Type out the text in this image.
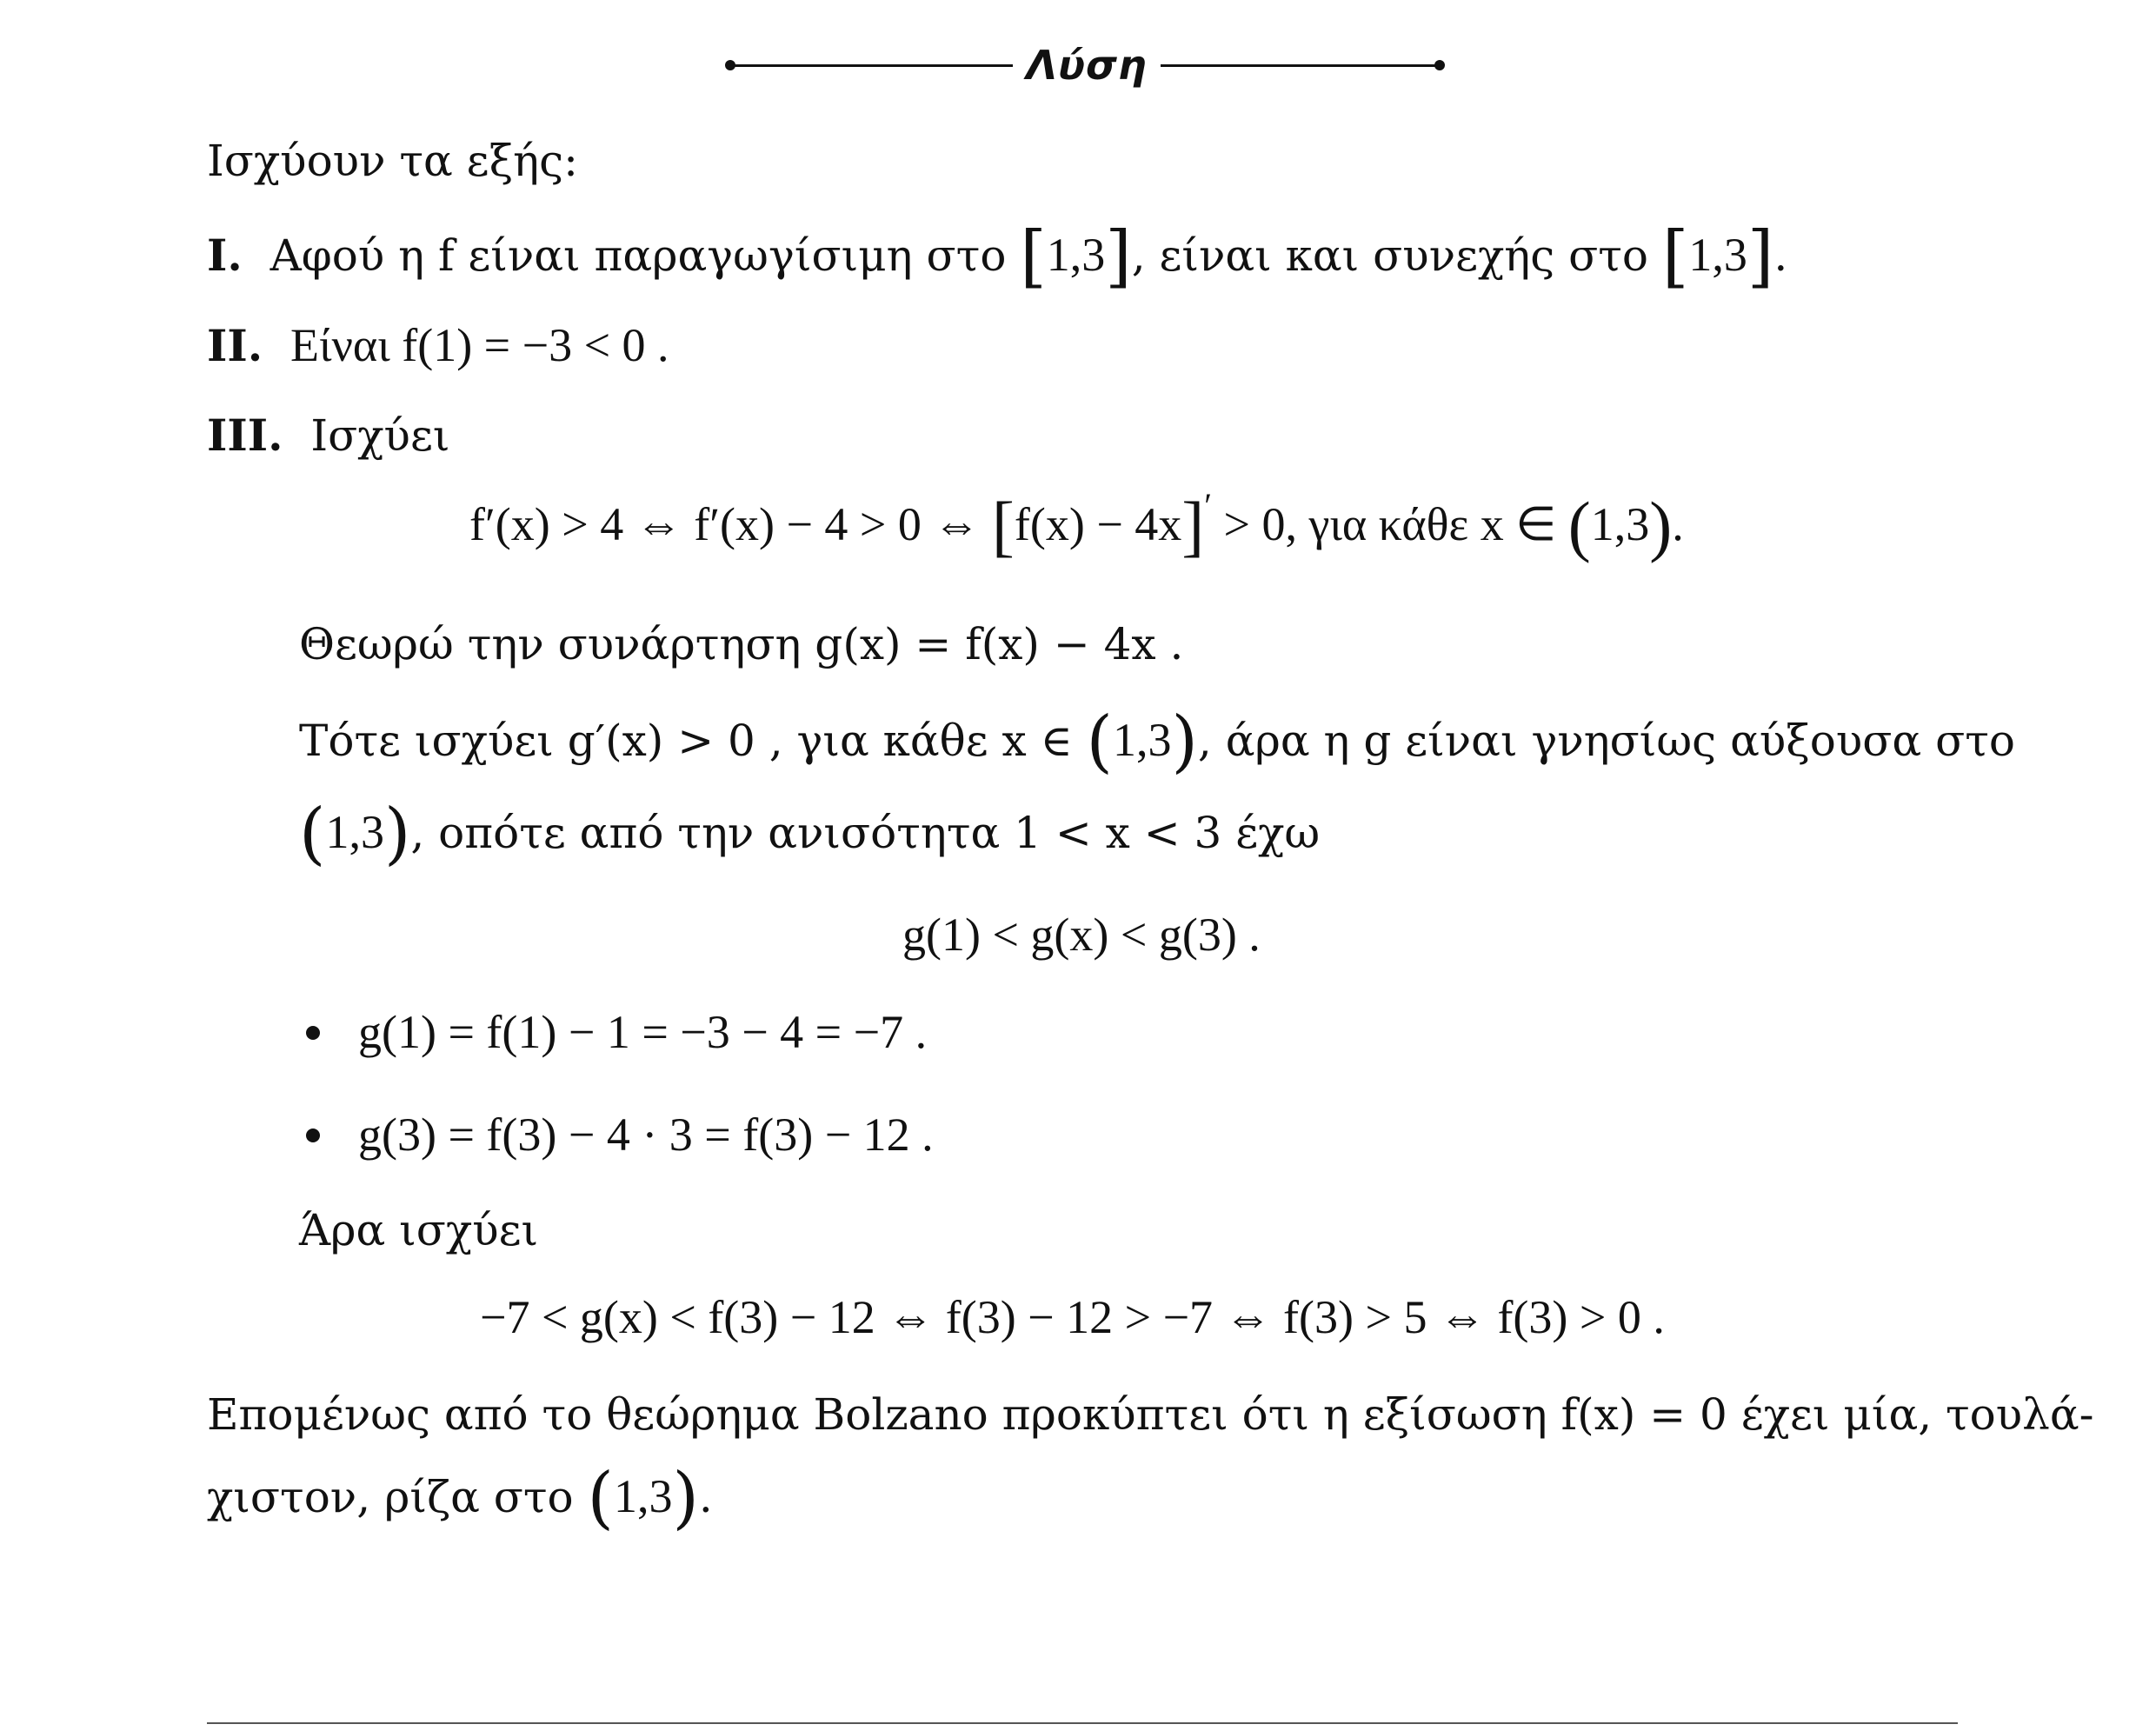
Λύση
Ισχύουν τα εξής:
I. Αφού η f είναι παραγωγίσιμη στο [1,3], είναι και συνεχής στο [1,3].
II. Είναι f(1) = −3 < 0 .
III. Ισχύει
f′(x) > 4 ⇔ f′(x) − 4 > 0 ⇔ [f(x) − 4x]′ > 0, για κάθε x ∈ (1,3).
Θεωρώ την συνάρτηση g(x) = f(x) − 4x .
Τότε ισχύει g′(x) > 0 , για κάθε x ∈ (1,3), άρα η g είναι γνησίως αύξουσα στο
(1,3), οπότε από την ανισότητα 1 < x < 3 έχω
g(1) < g(x) < g(3) .
g(1) = f(1) − 1 = −3 − 4 = −7 .
g(3) = f(3) − 4 · 3 = f(3) − 12 .
Άρα ισχύει
−7 < g(x) < f(3) − 12 ⇔ f(3) − 12 > −7 ⇔ f(3) > 5 ⇔ f(3) > 0 .
Επομένως από το θεώρημα Bolzano προκύπτει ότι η εξίσωση f(x) = 0 έχει μία, τουλά-
χιστον, ρίζα στο (1,3).
